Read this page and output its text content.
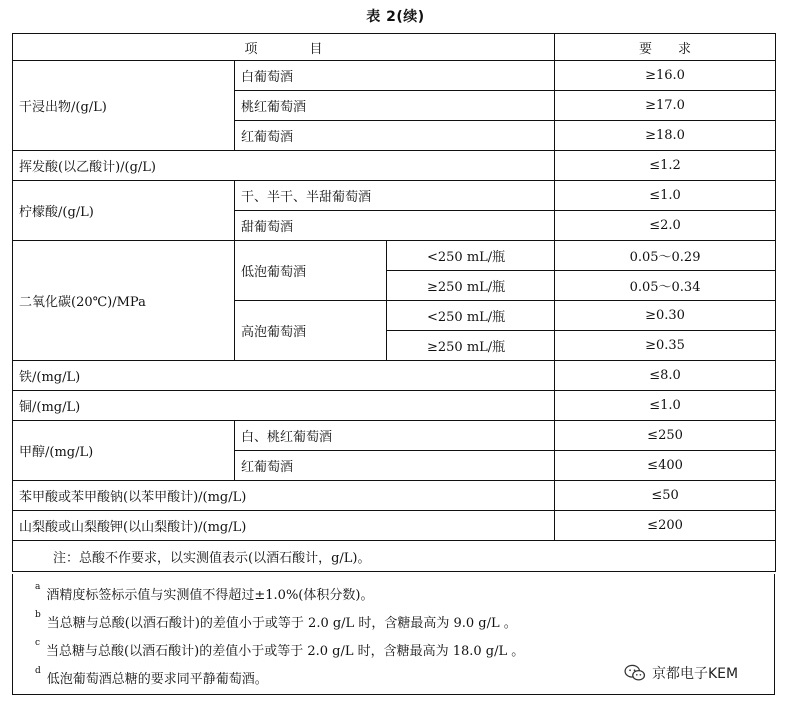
表 2(续)
项　　　　目			要　　求
干浸出物/(g/L)	白葡萄酒		≥16.0
	桃红葡萄酒		≥17.0
	红葡萄酒		≥18.0
挥发酸(以乙酸计)/(g/L)			≤1.2
柠檬酸/(g/L)	干、半干、半甜葡萄酒		≤1.0
	甜葡萄酒		≤2.0
二氧化碳(20℃)/MPa	低泡葡萄酒	<250 mL/瓶	0.05～0.29
		≥250 mL/瓶	0.05～0.34
	高泡葡萄酒	<250 mL/瓶	≥0.30
		≥250 mL/瓶	≥0.35
铁/(mg/L)			≤8.0
铜/(mg/L)			≤1.0
甲醇/(mg/L)	白、桃红葡萄酒		≤250
	红葡萄酒		≤400
苯甲酸或苯甲酸钠(以苯甲酸计)/(mg/L)			≤50
山梨酸或山梨酸钾(以山梨酸计)/(mg/L)			≤200
注：总酸不作要求，以实测值表示(以酒石酸计，g/L)。			
$^a$酒精度标签标示值与实测值不得超过±1.0%(体积分数)。
$^b$当总糖与总酸(以酒石酸计)的差值小于或等于 2.0 g/L 时，含糖最高为 9.0 g/L 。
$^c$当总糖与总酸(以酒石酸计)的差值小于或等于 2.0 g/L 时，含糖最高为 18.0 g/L 。
$^d$低泡葡萄酒总糖的要求同平静葡萄酒。	京都电子KEM
